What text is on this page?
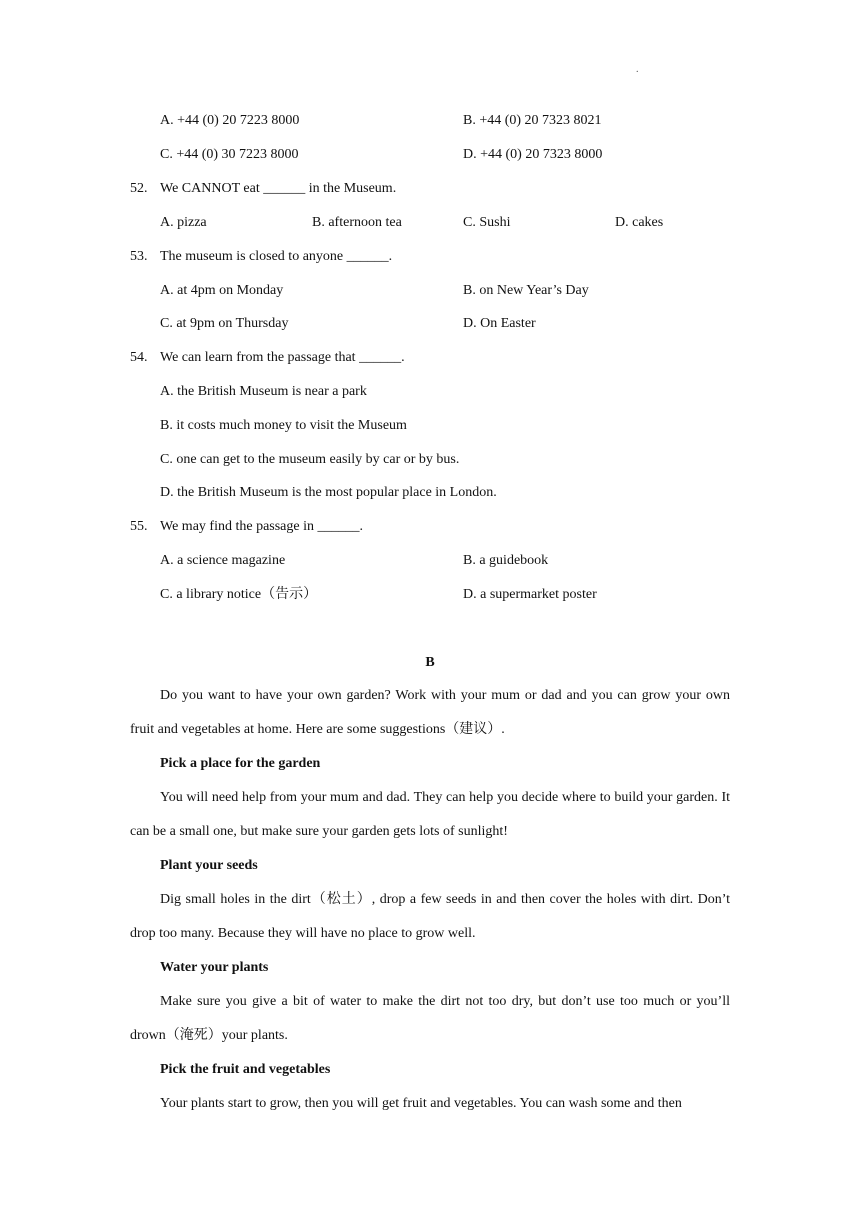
.
A. +44 (0) 20 7223 8000	B. +44 (0) 20 7323 8021
C. +44 (0) 30 7223 8000	D. +44 (0) 20 7323 8000
52. We CANNOT eat ______ in the Museum.
A. pizza	B. afternoon tea	C. Sushi	D. cakes
53. The museum is closed to anyone ______.
A. at 4pm on Monday	B. on New Year’s Day
C. at 9pm on Thursday	D. On Easter
54. We can learn from the passage that ______.
A. the British Museum is near a park
B. it costs much money to visit the Museum
C. one can get to the museum easily by car or by bus.
D. the British Museum is the most popular place in London.
55. We may find the passage in ______.
A. a science magazine	B. a guidebook
C. a library notice（告示）	D. a supermarket poster
B

Do you want to have your own garden? Work with your mum or dad and you can grow your own fruit and vegetables at home. Here are some suggestions（建议）.

Pick a place for the garden

You will need help from your mum and dad. They can help you decide where to build your garden. It can be a small one, but make sure your garden gets lots of sunlight!

Plant your seeds

Dig small holes in the dirt（松土）, drop a few seeds in and then cover the holes with dirt. Don’t drop too many. Because they will have no place to grow well.

Water your plants

Make sure you give a bit of water to make the dirt not too dry, but don’t use too much or you’ll drown（淹死）your plants.

Pick the fruit and vegetables

Your plants start to grow, then you will get fruit and vegetables. You can wash some and then
